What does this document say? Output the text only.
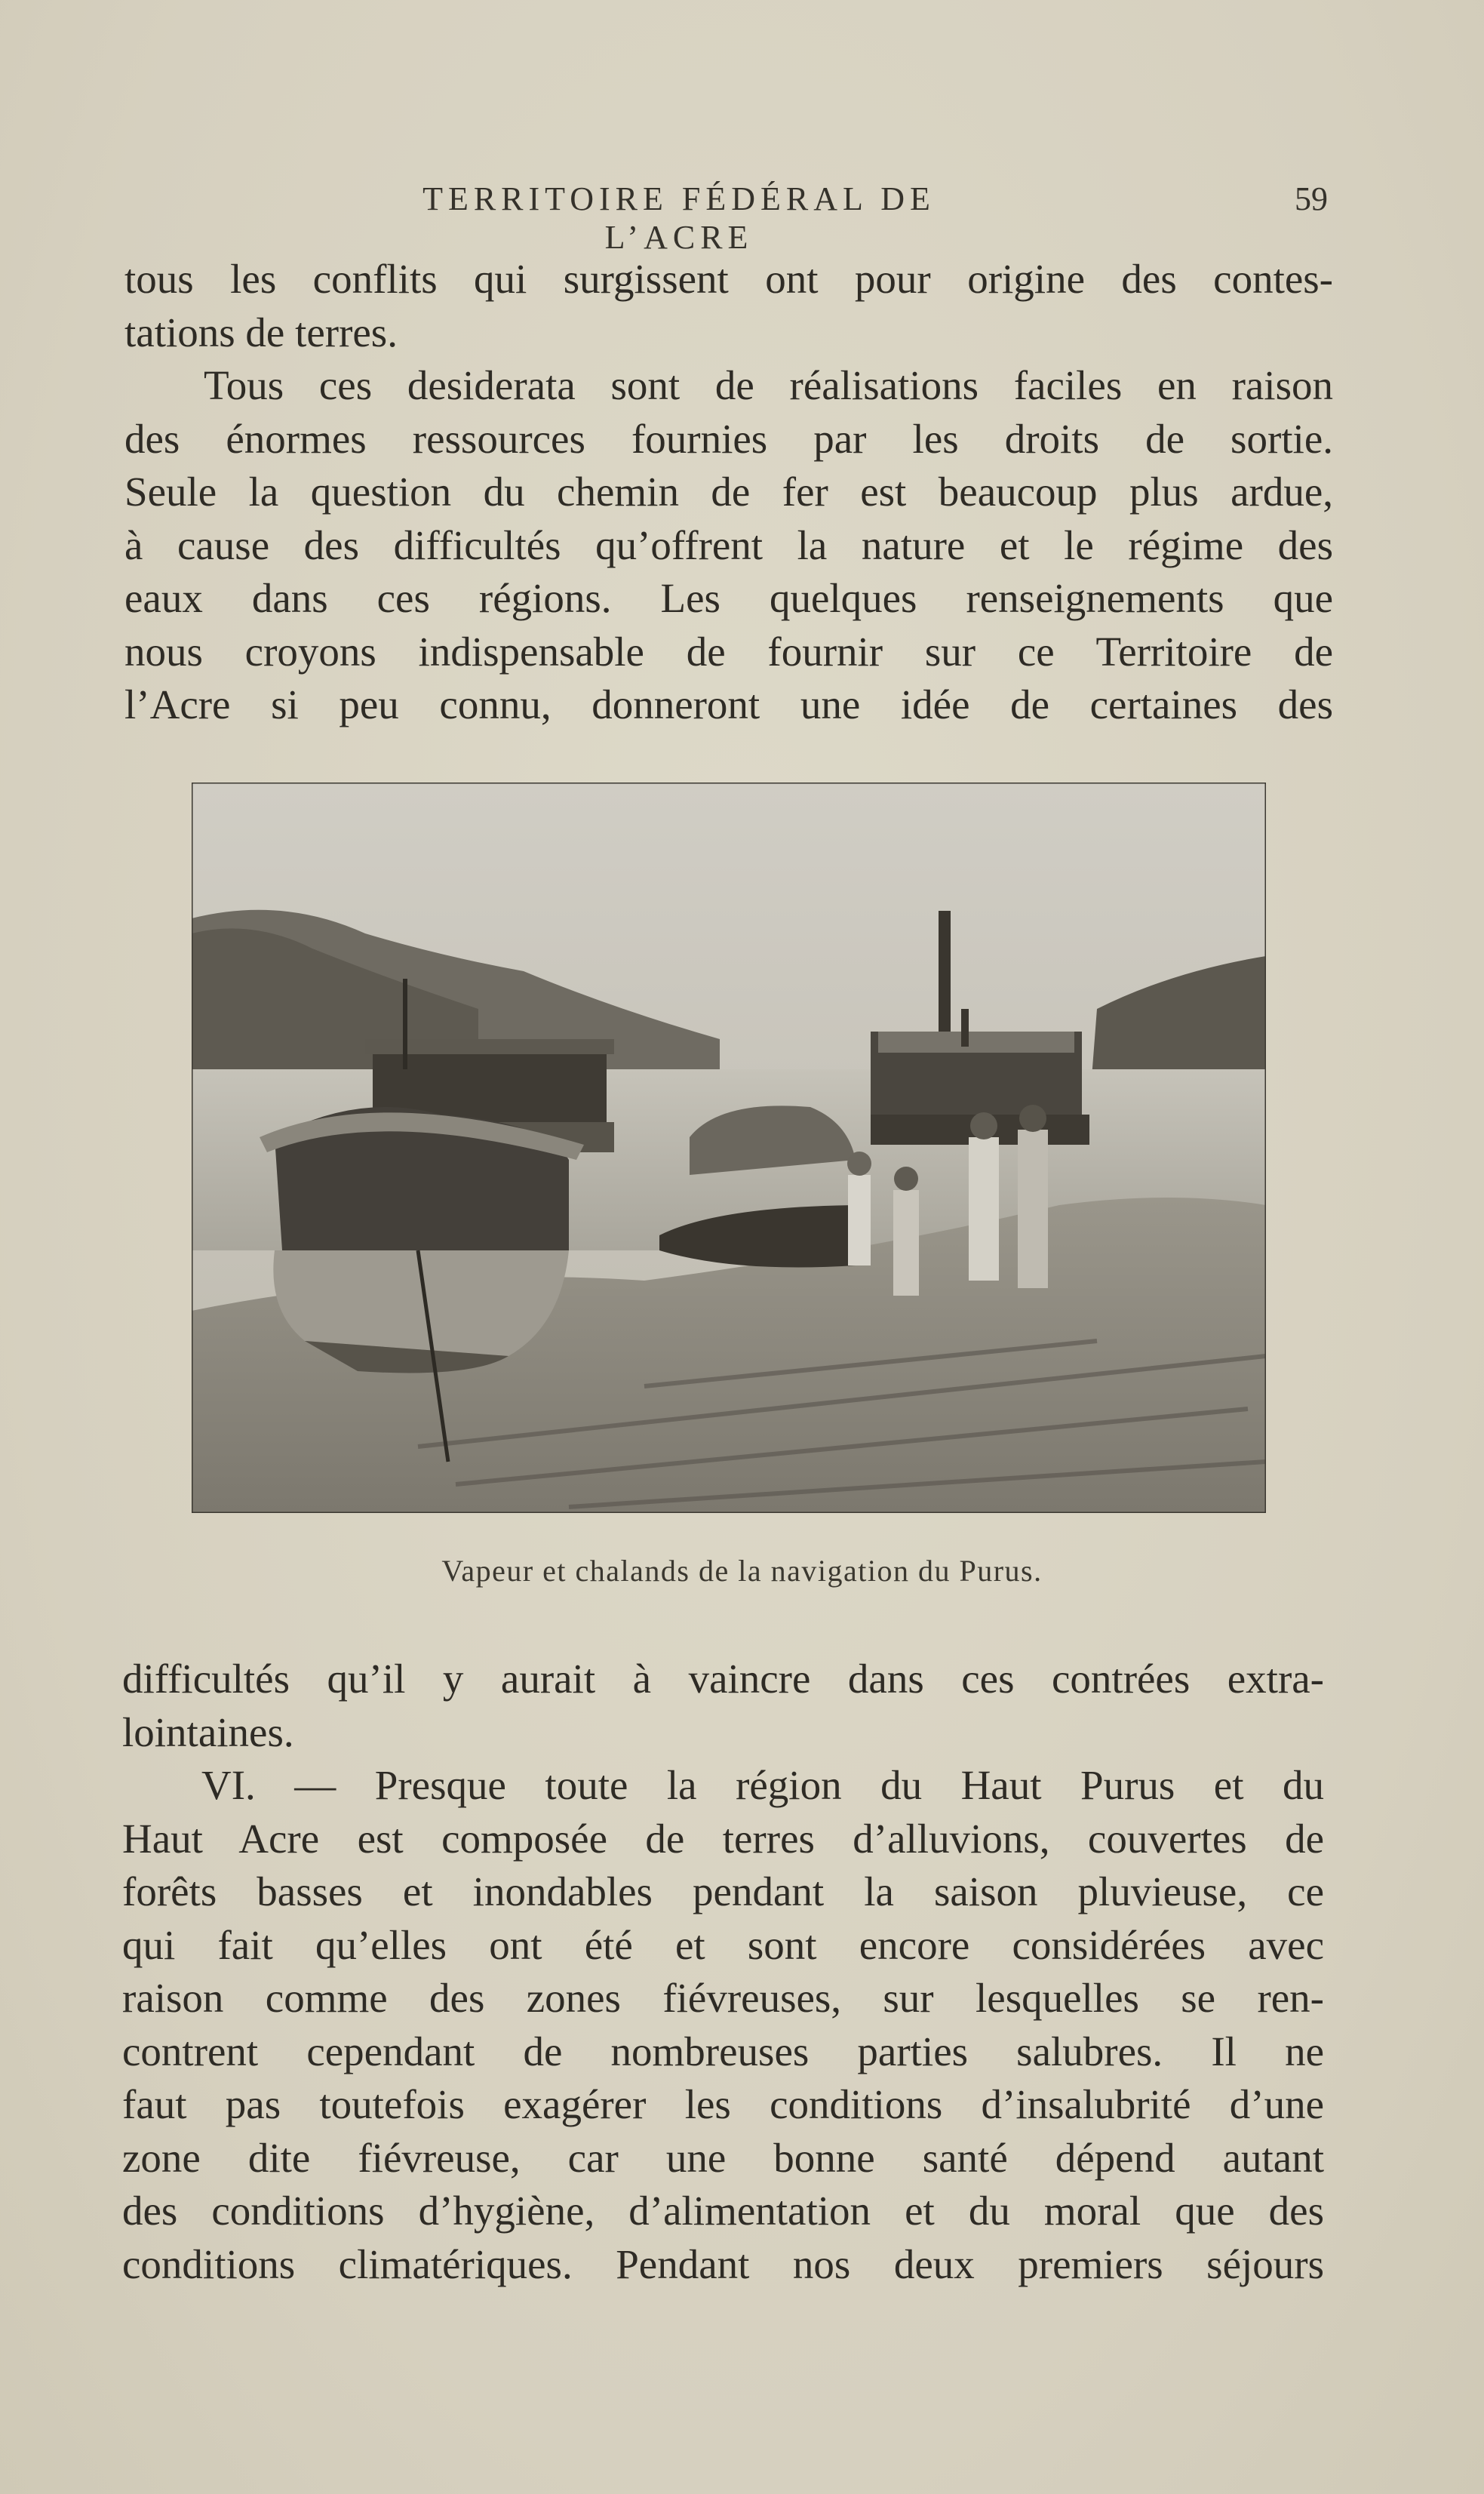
TERRITOIRE FÉDÉRAL DE L’ACRE
59
tous les conflits qui surgissent ont pour origine des contes-
tations de terres.
Tous ces desiderata sont de réalisations faciles en raison
des énormes ressources fournies par les droits de sortie.
Seule la question du chemin de fer est beaucoup plus ardue,
à cause des difficultés qu’offrent la nature et le régime des
eaux dans ces régions. Les quelques renseignements que
nous croyons indispensable de fournir sur ce Territoire de
l’Acre si peu connu, donneront une idée de certaines des
Vapeur et chalands de la navigation du Purus.
difficultés qu’il y aurait à vaincre dans ces contrées extra-
lointaines.
VI. — Presque toute la région du Haut Purus et du
Haut Acre est composée de terres d’alluvions, couvertes de
forêts basses et inondables pendant la saison pluvieuse, ce
qui fait qu’elles ont été et sont encore considérées avec
raison comme des zones fiévreuses, sur lesquelles se ren-
contrent cependant de nombreuses parties salubres. Il ne
faut pas toutefois exagérer les conditions d’insalubrité d’une
zone dite fiévreuse, car une bonne santé dépend autant
des conditions d’hygiène, d’alimentation et du moral que des
conditions climatériques. Pendant nos deux premiers séjours
